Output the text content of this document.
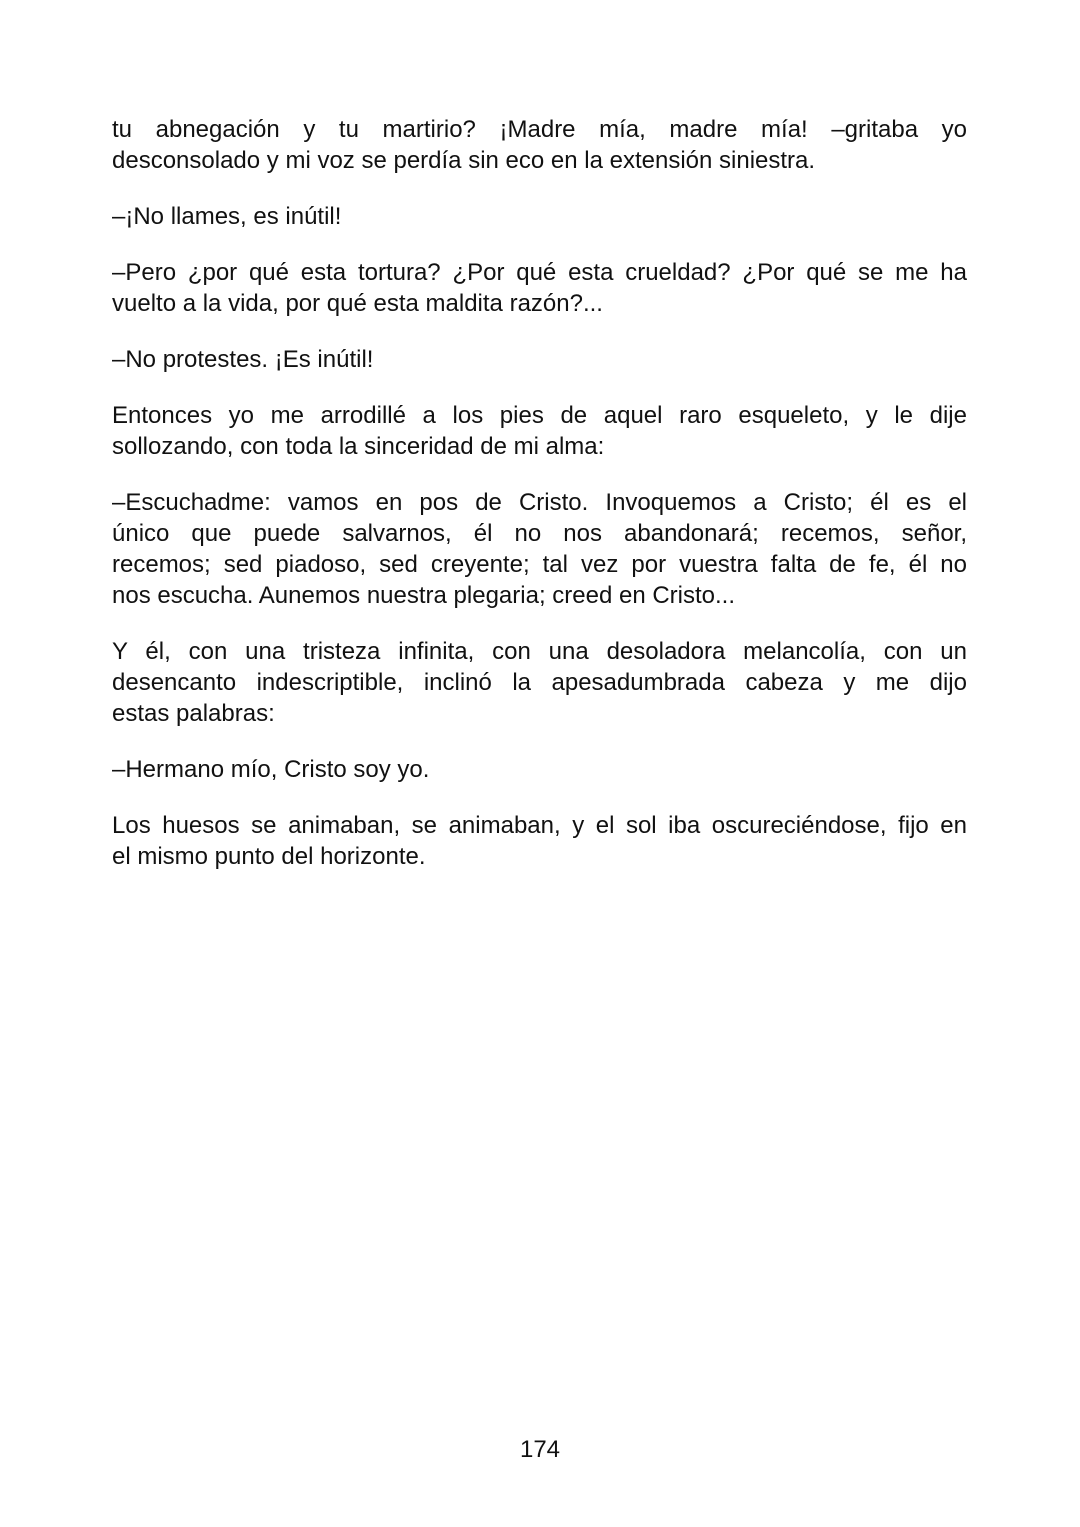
tu abnegación y tu martirio? ¡Madre mía, madre mía! –gritaba yo
desconsolado y mi voz se perdía sin eco en la extensión siniestra.

–¡No llames, es inútil!

–Pero ¿por qué esta tortura? ¿Por qué esta crueldad? ¿Por qué se me ha
vuelto a la vida, por qué esta maldita razón?...

–No protestes. ¡Es inútil!

Entonces yo me arrodillé a los pies de aquel raro esqueleto, y le dije
sollozando, con toda la sinceridad de mi alma:

–Escuchadme: vamos en pos de Cristo. Invoquemos a Cristo; él es el
único que puede salvarnos, él no nos abandonará; recemos, señor,
recemos; sed piadoso, sed creyente; tal vez por vuestra falta de fe, él no
nos escucha. Aunemos nuestra plegaria; creed en Cristo...

Y él, con una tristeza infinita, con una desoladora melancolía, con un
desencanto indescriptible, inclinó la apesadumbrada cabeza y me dijo
estas palabras:

–Hermano mío, Cristo soy yo.

Los huesos se animaban, se animaban, y el sol iba oscureciéndose, fijo en
el mismo punto del horizonte.

174
